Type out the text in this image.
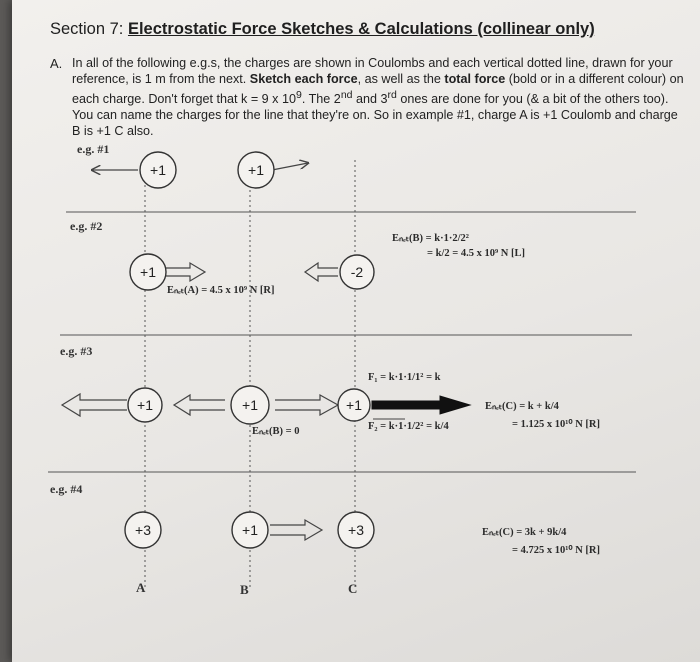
Section 7: Electrostatic Force Sketches & Calculations (collinear only)
A. In all of the following e.g.s, the charges are shown in Coulombs and each vertical dotted line, drawn for your reference, is 1 m from the next. Sketch each force, as well as the total force (bold or in a different colour) on each charge. Don't forget that k = 9 x $10^9$. The 2nd and 3rd ones are done for you (& a bit of the others too). You can name the charges for the line that they're on. So in example #1, charge A is +1 Coulomb and charge B is +1 C also.
e.g. #1
e.g. #2
e.g. #3
e.g. #4
Eₙₑₜ(B) = k·1·2/2²
= k/2 = 4.5 x 10⁹ N [L]
Eₙₑₜ(A) = 4.5 x 10⁹ N [R]
F₁ = k·1·1/1² = k
F₂ = k·1·1/2² = k/4
Eₙₑₜ(C) = k + k/4
= 1.125 x 10¹⁰ N [R]
Eₙₑₜ(B) = 0
Eₙₑₜ(C) = 3k + 9k/4
= 4.725 x 10¹⁰ N [R]
A	B	C
+1	+1
+1	-2
+1	+1	+1
+3	+1	+3
